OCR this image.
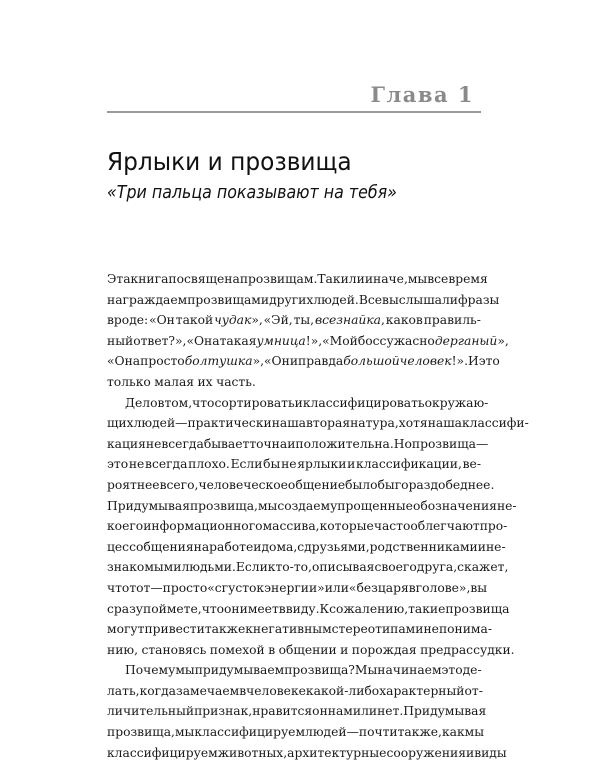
Глава 1
Ярлыки и прозвища
«Три пальца показывают на тебя»
Эта книга посвящена прозвищам. Так или иначе, мы все время
награждаем прозвищами других людей. Все вы слышали фразы
вроде: «Он такой чудак», «Эй, ты, всезнайка, каков правиль-
ный ответ?», «Она такая умница!», «Мой босс ужасно дерганый»,
«Она просто болтушка», «Он и правда большой человек!». И это
только малая их часть.
Дело в том, что сортировать и классифицировать окружаю-
щих людей — практически наша вторая натура, хотя наша классифи-
кация не всегда бывает точна и положительна. Но прозвища —
это не всегда плохо. Если бы не ярлыки и классификации, ве-
роятнее всего, человеческое общение было бы гораздо беднее.
Придумывая прозвища, мы создаем упрощенные обозначения не-
коего информационного массива, которые часто облегчают про-
цесс общения на работе и дома, с друзьями, родственниками и не-
знакомыми людьми. Если кто-то, описывая своего друга, скажет,
что тот — просто «сгусток энергии» или «без царя в голове», вы
сразу поймете, что он имеет в виду. К сожалению, такие прозвища
могут привести также к негативным стереотипам и непонима-
нию, становясь помехой в общении и порождая предрассудки.
Почему мы придумываем прозвища? Мы начинаем это де-
лать, когда замечаем в человеке какой-либо характерный от-
личительный признак, нравится он нам или нет. Придумывая
прозвища, мы классифицируем людей — почти так же, как мы
классифицируем животных, архитектурные сооружения и виды
